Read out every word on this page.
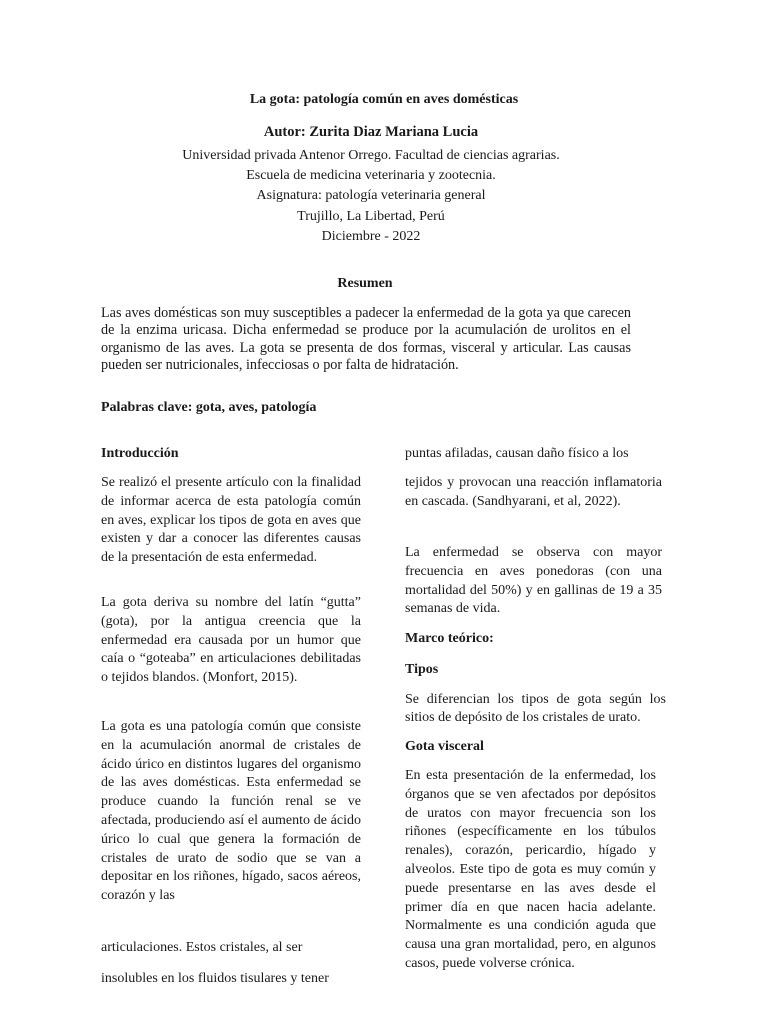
La gota: patología común en aves domésticas

Autor: Zurita Diaz Mariana Lucia

Universidad privada Antenor Orrego. Facultad de ciencias agrarias.
Escuela de medicina veterinaria y zootecnia.
Asignatura: patología veterinaria general
Trujillo, La Libertad, Perú
Diciembre - 2022
Resumen

Las aves domésticas son muy susceptibles a padecer la enfermedad de la gota ya que carecen de la enzima uricasa. Dicha enfermedad se produce por la acumulación de urolitos en el organismo de las aves. La gota se presenta de dos formas, visceral y articular. Las causas pueden ser nutricionales, infecciosas o por falta de hidratación.

Palabras clave: gota, aves, patología

Introducción

Se realizó el presente artículo con la finalidad de informar acerca de esta patología común en aves, explicar los tipos de gota en aves que existen y dar a conocer las diferentes causas de la presentación de esta enfermedad.

La gota deriva su nombre del latín “gutta” (gota), por la antigua creencia que la enfermedad era causada por un humor que caía o “goteaba” en articulaciones debilitadas o tejidos blandos. (Monfort, 2015).

La gota es una patología común que consiste en la acumulación anormal de cristales de ácido úrico en distintos lugares del organismo de las aves domésticas. Esta enfermedad se produce cuando la función renal se ve afectada, produciendo así el aumento de ácido úrico lo cual que genera la formación de cristales de urato de sodio que se van a depositar en los riñones, hígado, sacos aéreos, corazón y las

articulaciones. Estos cristales, al ser

insolubles en los fluidos tisulares y tener

puntas afiladas, causan daño físico a los

tejidos y provocan una reacción inflamatoria en cascada. (Sandhyarani, et al, 2022).

La enfermedad se observa con mayor frecuencia en aves ponedoras (con una mortalidad del 50%) y en gallinas de 19 a 35 semanas de vida.

Marco teórico:

Tipos

Se diferencian los tipos de gota según los sitios de depósito de los cristales de urato.

Gota visceral

En esta presentación de la enfermedad, los órganos que se ven afectados por depósitos de uratos con mayor frecuencia son los riñones (específicamente en los túbulos renales), corazón, pericardio, hígado y alveolos. Este tipo de gota es muy común y puede presentarse en las aves desde el primer día en que nacen hacia adelante. Normalmente es una condición aguda que causa una gran mortalidad, pero, en algunos casos, puede volverse crónica.
